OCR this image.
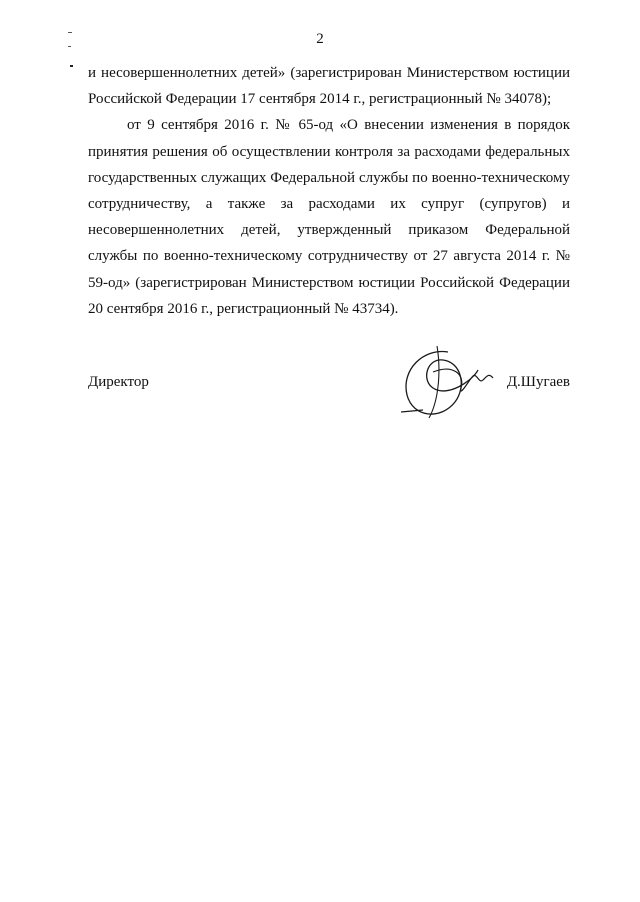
2

и несовершеннолетних детей» (зарегистрирован Министерством юстиции Российской Федерации 17 сентября 2014 г., регистрационный № 34078);

от 9 сентября 2016 г. № 65-од «О внесении изменения в порядок принятия решения об осуществлении контроля за расходами федеральных государственных служащих Федеральной службы по военно-техническому сотрудничеству, а также за расходами их супруг (супругов) и несовершеннолетних детей, утвержденный приказом Федеральной службы по военно-техническому сотрудничеству от 27 августа 2014 г. № 59-од» (зарегистрирован Министерством юстиции Российской Федерации 20 сентября 2016 г., регистрационный № 43734).

Директор	Д.Шугаев
